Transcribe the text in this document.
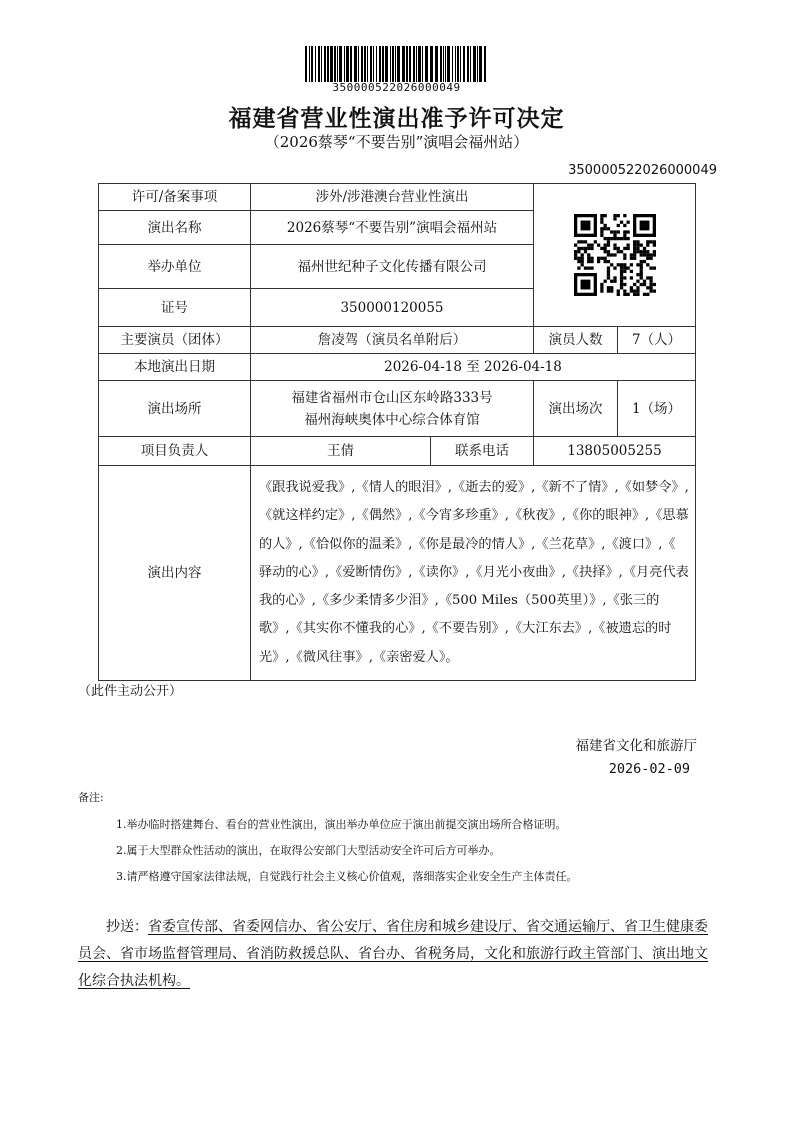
350000522026000049
福建省营业性演出准予许可决定
（2026蔡琴“不要告别”演唱会福州站）
350000522026000049
许可/备案事项	涉外/涉港澳台营业性演出	

演出名称	2026蔡琴“不要告别”演唱会福州站			
举办单位	福州世纪种子文化传播有限公司			
证号	350000120055			
主要演员（团体）	詹凌驾（演员名单附后）		演员人数	7（人）
本地演出日期	2026-04-18 至 2026-04-18			
演出场所	福建省福州市仓山区东岭路333号
福州海峡奥体中心综合体育馆		演出场次	1（场）
项目负责人	王倩	联系电话	13805005255	
演出内容	《跟我说爱我》,《情人的眼泪》,《逝去的爱》,《新不了情》,《如梦令》,《就这样约定》,《偶然》,《今宵多珍重》,《秋夜》,《你的眼神》,《思慕的人》,《恰似你的温柔》,《你是最冷的情人》,《兰花草》,《渡口》,《 驿动的心》,《爱断情伤》,《读你》,《月光小夜曲》,《抉择》,《月亮代表我的心》,《多少柔情多少泪》,《500 Miles（500英里）》,《张三的歌》,《其实你不懂我的心》,《不要告别》,《大江东去》,《被遗忘的时光》,《微风往事》,《亲密爱人》。			
（此件主动公开）
福建省文化和旅游厅
2026-02-09
备注:
1.举办临时搭建舞台、看台的营业性演出，演出举办单位应于演出前提交演出场所合格证明。
2.属于大型群众性活动的演出，在取得公安部门大型活动安全许可后方可举办。
3.请严格遵守国家法律法规，自觉践行社会主义核心价值观，落细落实企业安全生产主体责任。
抄送：省委宣传部、省委网信办、省公安厅、省住房和城乡建设厅、省交通运输厅、省卫生健康委员会、省市场监督管理局、省消防救援总队、省台办、省税务局，文化和旅游行政主管部门、演出地文化综合执法机构。
